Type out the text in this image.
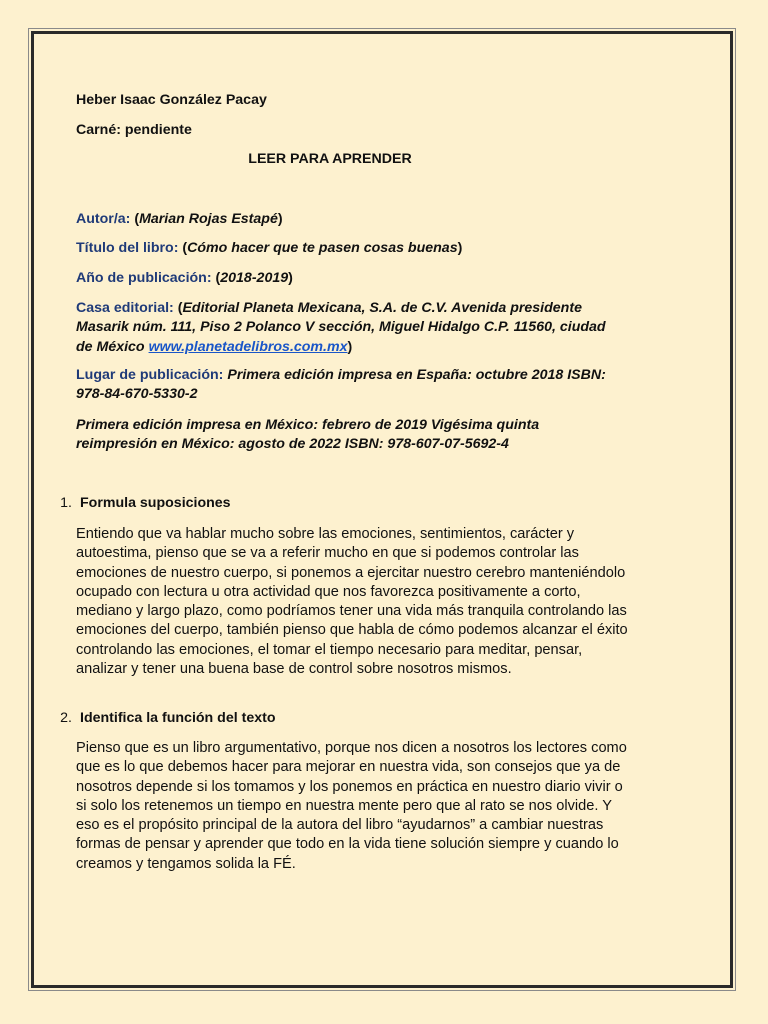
Heber Isaac González Pacay

Carné: pendiente

LEER PARA APRENDER

Autor/a: (Marian Rojas Estapé)

Título del libro: (Cómo hacer que te pasen cosas buenas)

Año de publicación: (2018-2019)

Casa editorial: (Editorial Planeta Mexicana, S.A. de C.V. Avenida presidente Masarik núm. 111, Piso 2 Polanco V sección, Miguel Hidalgo C.P. 11560, ciudad de México www.planetadelibros.com.mx)

Lugar de publicación: Primera edición impresa en España: octubre 2018 ISBN: 978-84-670-5330-2

Primera edición impresa en México: febrero de 2019 Vigésima quinta reimpresión en México: agosto de 2022 ISBN: 978-607-07-5692-4

1. Formula suposiciones

Entiendo que va hablar mucho sobre las emociones, sentimientos, carácter y autoestima, pienso que se va a referir mucho en que si podemos controlar las emociones de nuestro cuerpo, si ponemos a ejercitar nuestro cerebro manteniéndolo ocupado con lectura u otra actividad que nos favorezca positivamente a corto, mediano y largo plazo, como podríamos tener una vida más tranquila controlando las emociones del cuerpo, también pienso que habla de cómo podemos alcanzar el éxito controlando las emociones, el tomar el tiempo necesario para meditar, pensar, analizar y tener una buena base de control sobre nosotros mismos.

2. Identifica la función del texto

Pienso que es un libro argumentativo, porque nos dicen a nosotros los lectores como que es lo que debemos hacer para mejorar en nuestra vida, son consejos que ya de nosotros depende si los tomamos y los ponemos en práctica en nuestro diario vivir o si solo los retenemos un tiempo en nuestra mente pero que al rato se nos olvide. Y eso es el propósito principal de la autora del libro “ayudarnos” a cambiar nuestras formas de pensar y aprender que todo en la vida tiene solución siempre y cuando lo creamos y tengamos solida la FÉ.
